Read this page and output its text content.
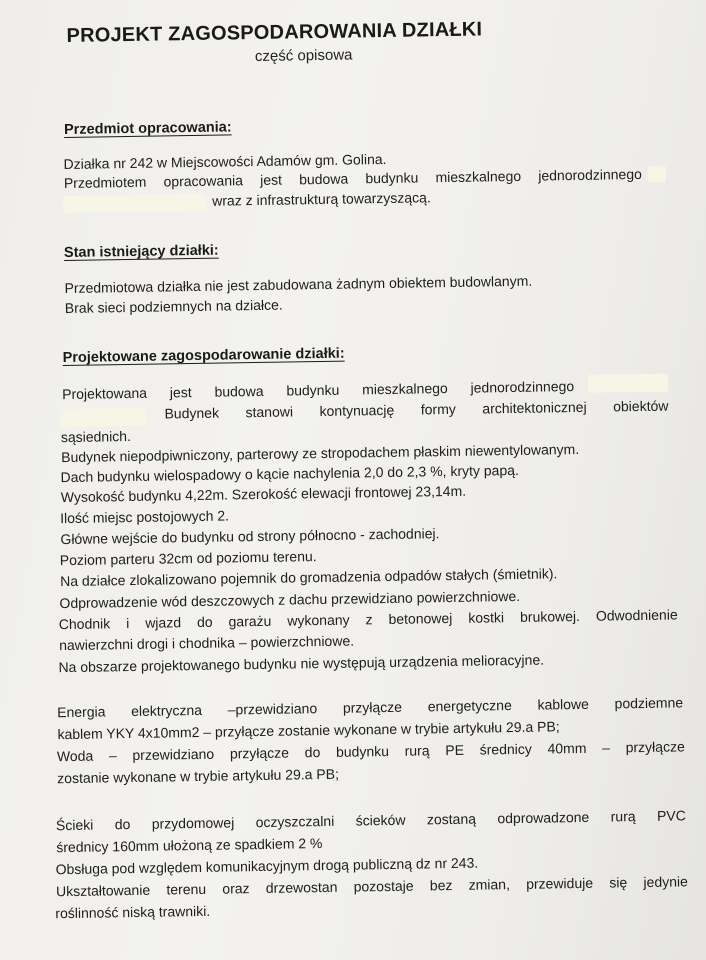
PROJEKT ZAGOSPODAROWANIA DZIAŁKI
część opisowa
Przedmiot opracowania:
Działka nr 242 w Miejscowości Adamów gm. Golina.
Przedmiotem opracowania jest budowa budynku mieszkalnego jednorodzinnego
wraz z infrastrukturą towarzyszącą.
Stan istniejący działki:
Przedmiotowa działka nie jest zabudowana żadnym obiektem budowlanym.
Brak sieci podziemnych na działce.
Projektowane zagospodarowanie działki:
Projektowana jest budowa budynku mieszkalnego jednorodzinnego
Budynek stanowi kontynuację formy architektonicznej obiektów
sąsiednich.
Budynek niepodpiwniczony, parterowy ze stropodachem płaskim niewentylowanym.
Dach budynku wielospadowy o kącie nachylenia 2,0 do 2,3 %, kryty papą.
Wysokość budynku 4,22m. Szerokość elewacji frontowej 23,14m.
Ilość miejsc postojowych 2.
Główne wejście do budynku od strony północno - zachodniej.
Poziom parteru 32cm od poziomu terenu.
Na działce zlokalizowano pojemnik do gromadzenia odpadów stałych (śmietnik).
Odprowadzenie wód deszczowych z dachu przewidziano powierzchniowe.
Chodnik i wjazd do garażu wykonany z betonowej kostki brukowej. Odwodnienie
nawierzchni drogi i chodnika – powierzchniowe.
Na obszarze projektowanego budynku nie występują urządzenia melioracyjne.
Energia elektryczna –przewidziano przyłącze energetyczne kablowe podziemne
kablem YKY 4x10mm2 – przyłącze zostanie wykonane w trybie artykułu 29.a PB;
Woda – przewidziano przyłącze do budynku rurą PE średnicy 40mm – przyłącze
zostanie wykonane w trybie artykułu 29.a PB;
Ścieki do przydomowej oczyszczalni ścieków zostaną odprowadzone rurą PVC
średnicy 160mm ułożoną ze spadkiem 2 %
Obsługa pod względem komunikacyjnym drogą publiczną dz nr 243.
Ukształtowanie terenu oraz drzewostan pozostaje bez zmian, przewiduje się jedynie
roślinność niską trawniki.
